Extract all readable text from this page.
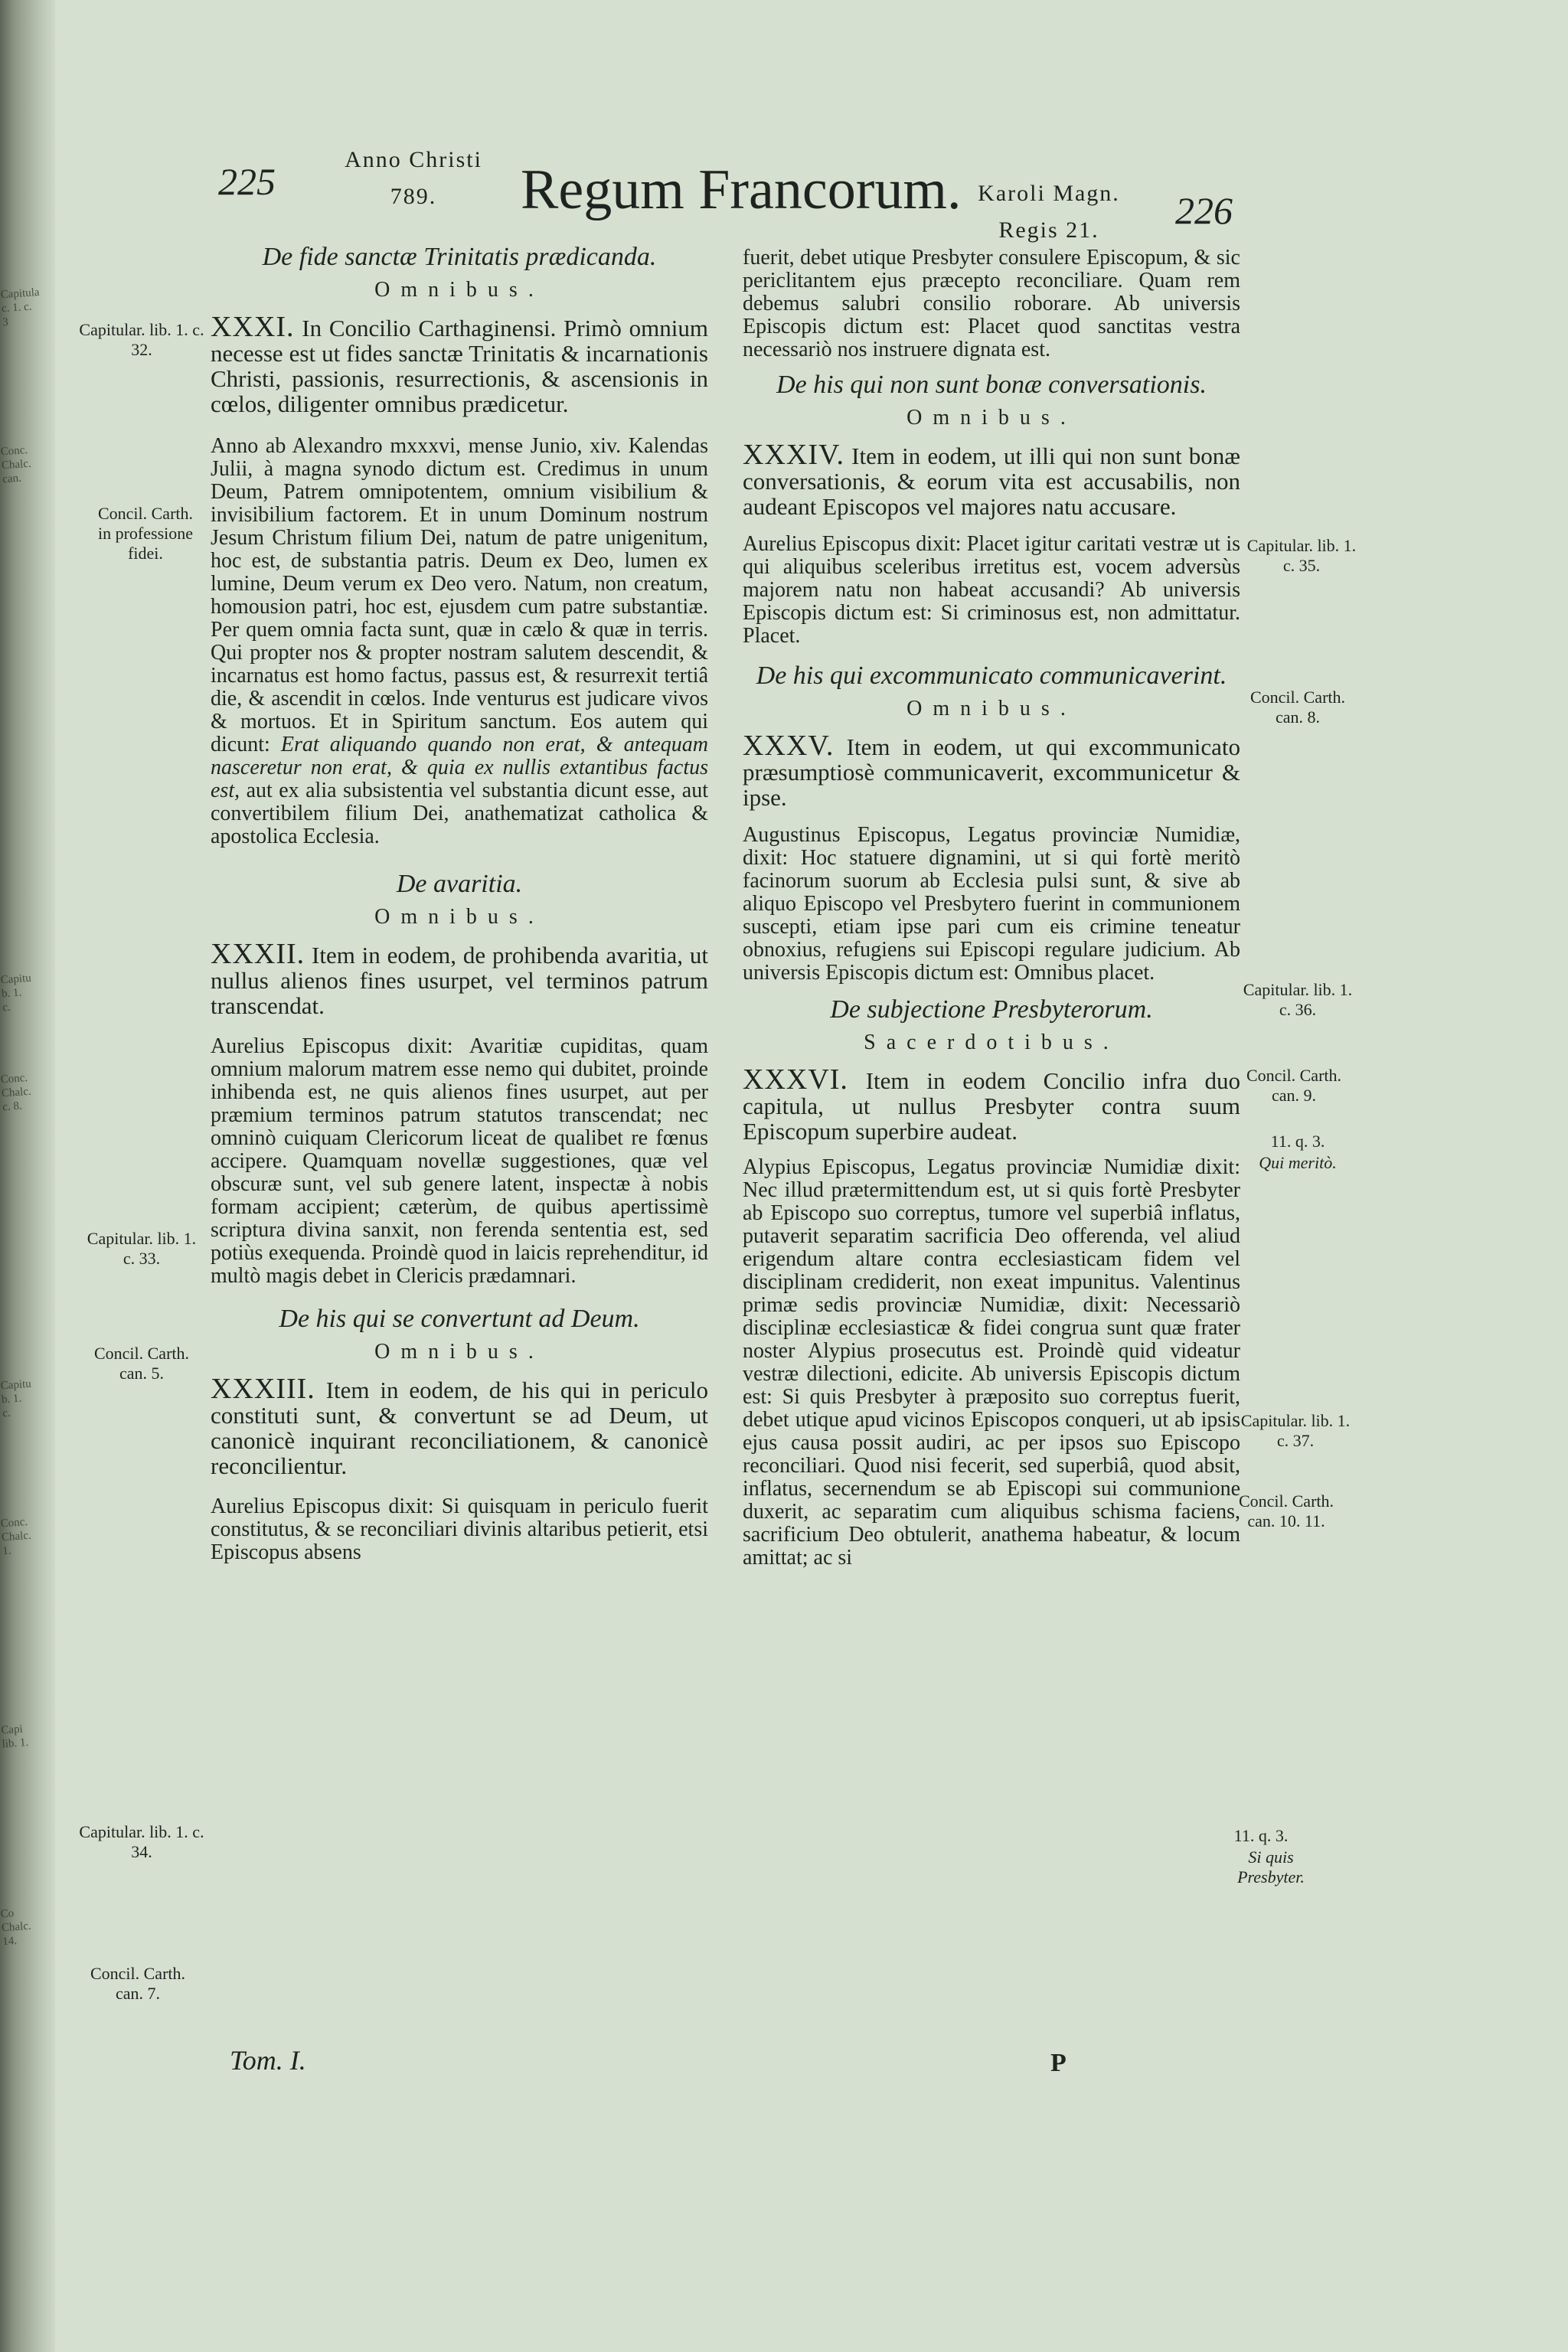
Capitula c. 1. c. 3
Conc. Chalc. can.
Capitu b. 1. c.
Conc. Chalc. c. 8.
Capitu b. 1. c.
Conc. Chalc. 1.
Capi lib. 1.
Co Chalc. 14.
225
Anno Christi
789.	Regum Francorum. Karoli Magn.
Regis 21.	226
De fide sanctæ Trinitatis prædicanda.
Omnibus.

XXXI. In Concilio Carthaginensi. Primò omnium necesse est ut fides sanctæ Trinitatis & incarnationis Christi, passionis, resurrectionis, & ascensionis in cœlos, diligenter omnibus prædicetur.

Anno ab Alexandro mxxxvi, mense Junio, xiv. Kalendas Julii, à magna synodo dictum est. Credimus in unum Deum, Patrem omnipotentem, omnium visibilium & invisibilium factorem. Et in unum Dominum nostrum Jesum Christum filium Dei, natum de patre unigenitum, hoc est, de substantia patris. Deum ex Deo, lumen ex lumine, Deum verum ex Deo vero. Natum, non creatum, homousion patri, hoc est, ejusdem cum patre substantiæ. Per quem omnia facta sunt, quæ in cælo & quæ in terris. Qui propter nos & propter nostram salutem descendit, & incarnatus est homo factus, passus est, & resurrexit tertiâ die, & ascendit in cœlos. Inde venturus est judicare vivos & mortuos. Et in Spiritum sanctum. Eos autem qui dicunt: Erat aliquando quando non erat, & antequam nasceretur non erat, & quia ex nullis extantibus factus est, aut ex alia subsistentia vel substantia dicunt esse, aut convertibilem filium Dei, anathematizat catholica & apostolica Ecclesia.

De avaritia.
Omnibus.

XXXII. Item in eodem, de prohibenda avaritia, ut nullus alienos fines usurpet, vel terminos patrum transcendat.

Aurelius Episcopus dixit: Avaritiæ cupiditas, quam omnium malorum matrem esse nemo qui dubitet, proinde inhibenda est, ne quis alienos fines usurpet, aut per præmium terminos patrum statutos transcendat; nec omninò cuiquam Clericorum liceat de qualibet re fœnus accipere. Quamquam novellæ suggestiones, quæ vel obscuræ sunt, vel sub genere latent, inspectæ à nobis formam accipient; cæterùm, de quibus apertissimè scriptura divina sanxit, non ferenda sententia est, sed potiùs exequenda. Proindè quod in laicis reprehenditur, id multò magis debet in Clericis prædamnari.

De his qui se convertunt ad Deum.
Omnibus.

XXXIII. Item in eodem, de his qui in periculo constituti sunt, & convertunt se ad Deum, ut canonicè inquirant reconciliationem, & canonicè reconcilientur.

Aurelius Episcopus dixit: Si quisquam in periculo fuerit constitutus, & se reconciliari divinis altaribus petierit, etsi Episcopus absens

Tom. I.

fuerit, debet utique Presbyter consulere Episcopum, & sic periclitantem ejus præcepto reconciliare. Quam rem debemus salubri consilio roborare. Ab universis Episcopis dictum est: Placet quod sanctitas vestra necessariò nos instruere dignata est.

De his qui non sunt bonæ conversationis.
Omnibus.

XXXIV. Item in eodem, ut illi qui non sunt bonæ conversationis, & eorum vita est accusabilis, non audeant Episcopos vel majores natu accusare.

Aurelius Episcopus dixit: Placet igitur caritati vestræ ut is qui aliquibus sceleribus irretitus est, vocem adversùs majorem natu non habeat accusandi? Ab universis Episcopis dictum est: Si criminosus est, non admittatur. Placet.

De his qui excommunicato communicaverint.
Omnibus.

XXXV. Item in eodem, ut qui excommunicato præsumptiosè communicaverit, excommunicetur & ipse.

Augustinus Episcopus, Legatus provinciæ Numidiæ, dixit: Hoc statuere dignamini, ut si qui fortè meritò facinorum suorum ab Ecclesia pulsi sunt, & sive ab aliquo Episcopo vel Presbytero fuerint in communionem suscepti, etiam ipse pari cum eis crimine teneatur obnoxius, refugiens sui Episcopi regulare judicium. Ab universis Episcopis dictum est: Omnibus placet.

De subjectione Presbyterorum.
Sacerdotibus.

XXXVI. Item in eodem Concilio infra duo capitula, ut nullus Presbyter contra suum Episcopum superbire audeat.

Alypius Episcopus, Legatus provinciæ Numidiæ dixit: Nec illud prætermittendum est, ut si quis fortè Presbyter ab Episcopo suo correptus, tumore vel superbiâ inflatus, putaverit separatim sacrificia Deo offerenda, vel aliud erigendum altare contra ecclesiasticam fidem vel disciplinam crediderit, non exeat impunitus. Valentinus primæ sedis provinciæ Numidiæ, dixit: Necessariò disciplinæ ecclesiasticæ & fidei congrua sunt quæ frater noster Alypius prosecutus est. Proindè quid videatur vestræ dilectioni, edicite. Ab universis Episcopis dictum est: Si quis Presbyter à præposito suo correptus fuerit, debet utique apud vicinos Episcopos conqueri, ut ab ipsis ejus causa possit audiri, ac per ipsos suo Episcopo reconciliari. Quod nisi fecerit, sed superbiâ, quod absit, inflatus, secernendum se ab Episcopi sui communione duxerit, ac separatim cum aliquibus schisma faciens, sacrificium Deo obtulerit, anathema habeatur, & locum amittat; ac si

P
Capitular. lib. 1. c. 32.
Concil. Carth. in professione fidei.
Capitular. lib. 1. c. 33.
Concil. Carth. can. 5.
Capitular. lib. 1. c. 34.
Concil. Carth. can. 7.
Capitular. lib. 1. c. 35.
Concil. Carth. can. 8.
Capitular. lib. 1. c. 36.
Concil. Carth. can. 9.
11. q. 3.
Qui meritò.
Capitular. lib. 1. c. 37.
Concil. Carth. can. 10. 11.
11. q. 3.
Si quis Presbyter.
